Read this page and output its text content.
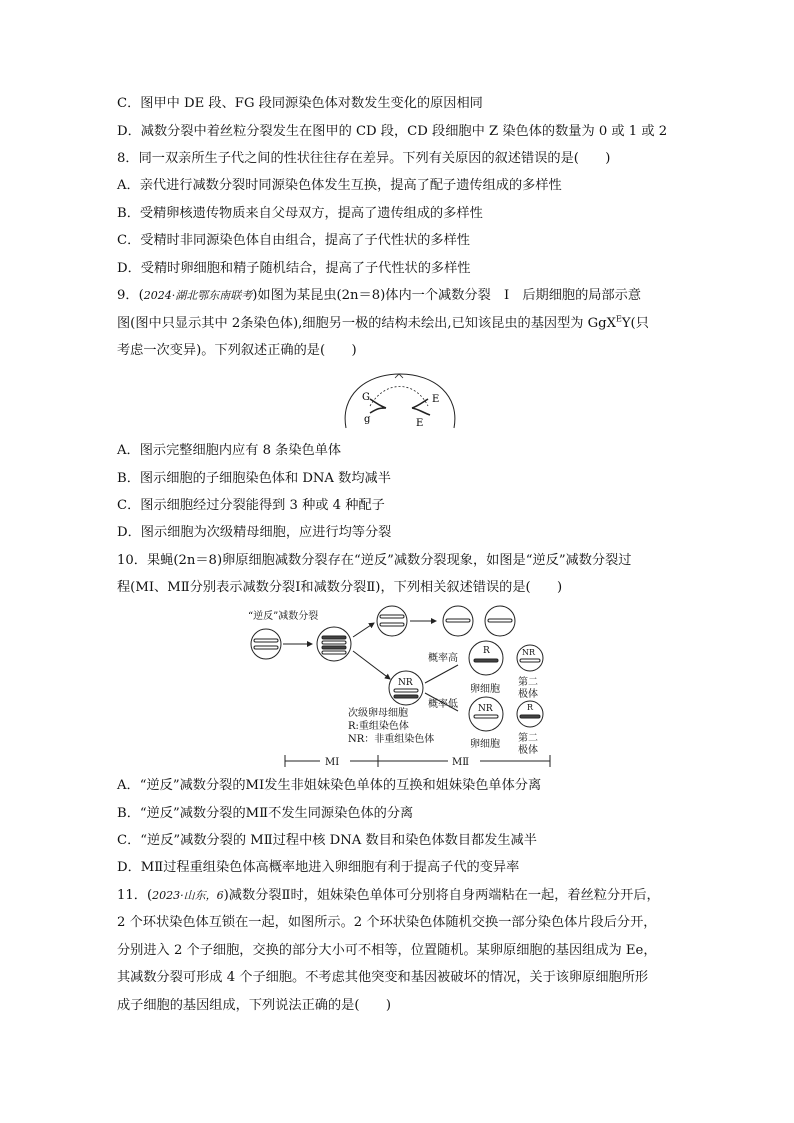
C．图甲中 DE 段、FG 段同源染色体对数发生变化的原因相同
D．减数分裂中着丝粒分裂发生在图甲的 CD 段，CD 段细胞中 Z 染色体的数量为 0 或 1 或 2
8．同一双亲所生子代之间的性状往往存在差异。下列有关原因的叙述错误的是(　　)
A．亲代进行减数分裂时同源染色体发生互换，提高了配子遗传组成的多样性
B．受精卵核遗传物质来自父母双方，提高了遗传组成的多样性
C．受精时非同源染色体自由组合，提高了子代性状的多样性
D．受精时卵细胞和精子随机结合，提高了子代性状的多样性
9．(2024·湖北鄂东南联考)如图为某昆虫(2n＝8)体内一个减数分裂　Ⅰ　后期细胞的局部示意
图(图中只显示其中 2条染色体),细胞另一极的结构未绘出,已知该昆虫的基因型为 GgX$^E$Y(只
考虑一次变异)。下列叙述正确的是(　　)
G
g
E
E
A．图示完整细胞内应有 8 条染色单体
B．图示细胞的子细胞染色体和 DNA 数均减半
C．图示细胞经过分裂能得到 3 种或 4 种配子
D．图示细胞为次级精母细胞，应进行均等分裂
10．果蝇(2n＝8)卵原细胞减数分裂存在“逆反”减数分裂现象，如图是“逆反”减数分裂过
程(MⅠ、MⅡ分别表示减数分裂Ⅰ和减数分裂Ⅱ)，下列相关叙述错误的是(　　)
“逆反”减数分裂
NR
概率高
概率低
R
卵细胞
NR
第二
极体
NR
卵细胞
R
第二
极体
次级卵母细胞
R:重组染色体
NR：非重组染色体
MⅠ	MⅡ
A．“逆反”减数分裂的MⅠ发生非姐妹染色单体的互换和姐妹染色单体分离
B．“逆反”减数分裂的MⅡ不发生同源染色体的分离
C．“逆反”减数分裂的 MⅡ过程中核 DNA 数目和染色体数目都发生减半
D．MⅡ过程重组染色体高概率地进入卵细胞有利于提高子代的变异率
11．(2023·山东，6)减数分裂Ⅱ时，姐妹染色单体可分别将自身两端粘在一起，着丝粒分开后，
2 个环状染色体互锁在一起，如图所示。2 个环状染色体随机交换一部分染色体片段后分开，
分别进入 2 个子细胞，交换的部分大小可不相等，位置随机。某卵原细胞的基因组成为 Ee，
其减数分裂可形成 4 个子细胞。不考虑其他突变和基因被破坏的情况，关于该卵原细胞所形
成子细胞的基因组成，下列说法正确的是(　　)
